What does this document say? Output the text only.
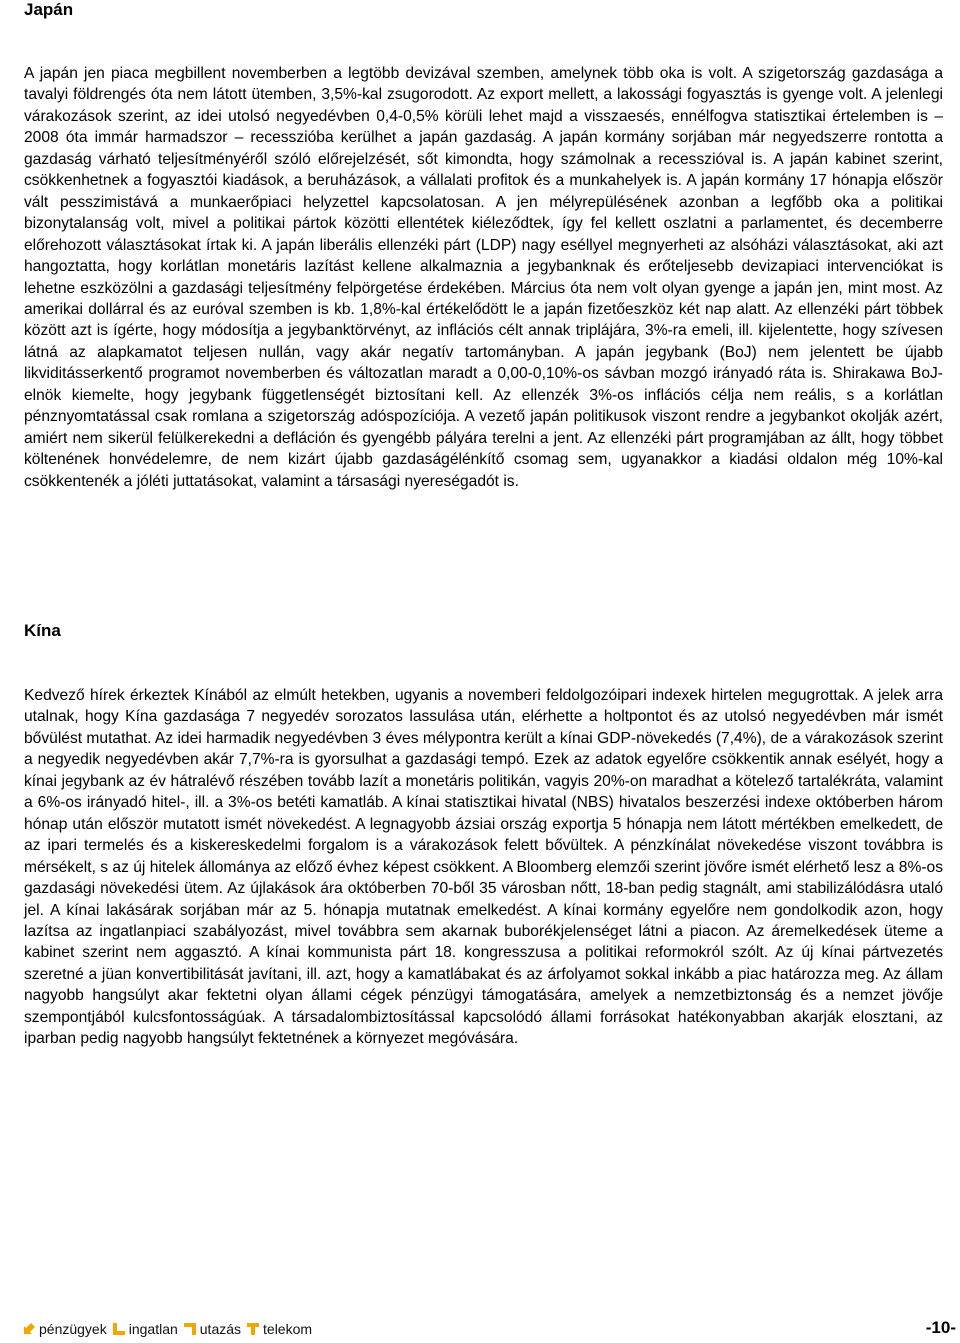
Japán

A japán jen piaca megbillent novemberben a legtöbb devizával szemben, amelynek több oka is volt. A szigetország gazdasága a tavalyi földrengés óta nem látott ütemben, 3,5%-kal zsugorodott. Az export mellett, a lakossági fogyasztás is gyenge volt. A jelenlegi várakozások szerint, az idei utolsó negyedévben 0,4-0,5% körüli lehet majd a visszaesés, ennélfogva statisztikai értelemben is – 2008 óta immár harmadszor – recesszióba kerülhet a japán gazdaság. A japán kormány sorjában már negyedszerre rontotta a gazdaság várható teljesítményéről szóló előrejelzését, sőt kimondta, hogy számolnak a recesszióval is. A japán kabinet szerint, csökkenhetnek a fogyasztói kiadások, a beruházások, a vállalati profitok és a munkahelyek is. A japán kormány 17 hónapja először vált pesszimistává a munkaerőpiaci helyzettel kapcsolatosan. A jen mélyrepülésének azonban a legfőbb oka a politikai bizonytalanság volt, mivel a politikai pártok közötti ellentétek kiéleződtek, így fel kellett oszlatni a parlamentet, és decemberre előrehozott választásokat írtak ki. A japán liberális ellenzéki párt (LDP) nagy eséllyel megnyerheti az alsóházi választásokat, aki azt hangoztatta, hogy korlátlan monetáris lazítást kellene alkalmaznia a jegybanknak és erőteljesebb devizapiaci intervenciókat is lehetne eszközölni a gazdasági teljesítmény felpörgetése érdekében. Március óta nem volt olyan gyenge a japán jen, mint most. Az amerikai dollárral és az euróval szemben is kb. 1,8%-kal értékelődött le a japán fizetőeszköz két nap alatt. Az ellenzéki párt többek között azt is ígérte, hogy módosítja a jegybanktörvényt, az inflációs célt annak triplájára, 3%-ra emeli, ill. kijelentette, hogy szívesen látná az alapkamatot teljesen nullán, vagy akár negatív tartományban. A japán jegybank (BoJ) nem jelentett be újabb likviditásserkentő programot novemberben és változatlan maradt a 0,00-0,10%-os sávban mozgó irányadó ráta is. Shirakawa BoJ-elnök kiemelte, hogy jegybank függetlenségét biztosítani kell. Az ellenzék 3%-os inflációs célja nem reális, s a korlátlan pénznyomtatással csak romlana a szigetország adóspozíciója. A vezető japán politikusok viszont rendre a jegybankot okolják azért, amiért nem sikerül felülkerekedni a defláción és gyengébb pályára terelni a jent. Az ellenzéki párt programjában az állt, hogy többet költenének honvédelemre, de nem kizárt újabb gazdaságélénkítő csomag sem, ugyanakkor a kiadási oldalon még 10%-kal csökkentenék a jóléti juttatásokat, valamint a társasági nyereségadót is.

Kína

Kedvező hírek érkeztek Kínából az elmúlt hetekben, ugyanis a novemberi feldolgozóipari indexek hirtelen megugrottak. A jelek arra utalnak, hogy Kína gazdasága 7 negyedév sorozatos lassulása után, elérhette a holtpontot és az utolsó negyedévben már ismét bővülést mutathat. Az idei harmadik negyedévben 3 éves mélypontra került a kínai GDP-növekedés (7,4%), de a várakozások szerint a negyedik negyedévben akár 7,7%-ra is gyorsulhat a gazdasági tempó. Ezek az adatok egyelőre csökkentik annak esélyét, hogy a kínai jegybank az év hátralévő részében tovább lazít a monetáris politikán, vagyis 20%-on maradhat a kötelező tartalékráta, valamint a 6%-os irányadó hitel-, ill. a 3%-os betéti kamatláb. A kínai statisztikai hivatal (NBS) hivatalos beszerzési indexe októberben három hónap után először mutatott ismét növekedést. A legnagyobb ázsiai ország exportja 5 hónapja nem látott mértékben emelkedett, de az ipari termelés és a kiskereskedelmi forgalom is a várakozások felett bővültek. A pénzkínálat növekedése viszont továbbra is mérsékelt, s az új hitelek állománya az előző évhez képest csökkent. A Bloomberg elemzői szerint jövőre ismét elérhető lesz a 8%-os gazdasági növekedési ütem. Az újlakások ára októberben 70-ből 35 városban nőtt, 18-ban pedig stagnált, ami stabilizálódásra utaló jel. A kínai lakásárak sorjában már az 5. hónapja mutatnak emelkedést. A kínai kormány egyelőre nem gondolkodik azon, hogy lazítsa az ingatlanpiaci szabályozást, mivel továbbra sem akarnak buborékjelenséget látni a piacon. Az áremelkedések üteme a kabinet szerint nem aggasztó. A kínai kommunista párt 18. kongresszusa a politikai reformokról szólt. Az új kínai pártvezetés szeretné a jüan konvertibilitását javítani, ill. azt, hogy a kamatlábakat és az árfolyamot sokkal inkább a piac határozza meg. Az állam nagyobb hangsúlyt akar fektetni olyan állami cégek pénzügyi támogatására, amelyek a nemzetbiztonság és a nemzet jövője szempontjából kulcsfontosságúak. A társadalombiztosítással kapcsolódó állami forrásokat hatékonyabban akarják elosztani, az iparban pedig nagyobb hangsúlyt fektetnének a környezet megóvására.

pénzügyek ingatlan utazás telekom	-10-
